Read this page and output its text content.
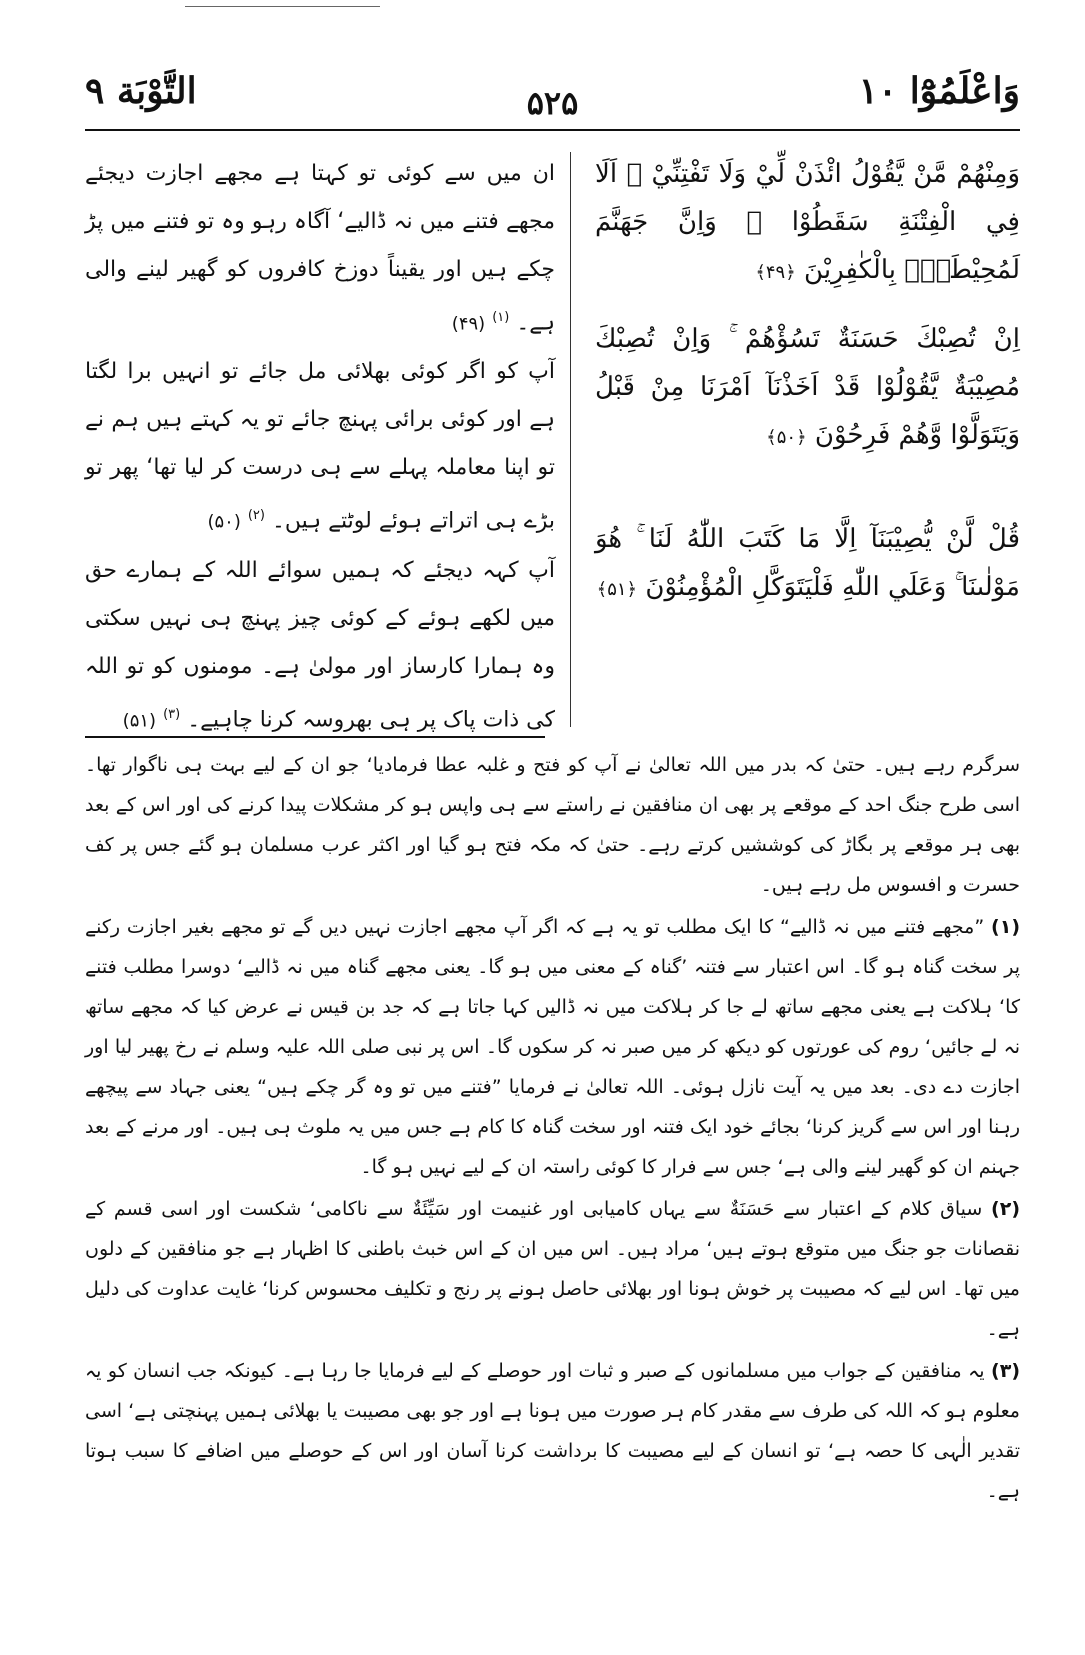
وَاعْلَمُوْٓا ۱۰
۵۲۵
التَّوْبَة ۹

وَمِنْهُمْ مَّنْ يَّقُوْلُ ائْذَنْ لِّيْ وَلَا تَفْتِنِّيْ ۭ اَلَا فِي الْفِتْنَةِ سَقَطُوْا ۭ وَاِنَّ جَهَنَّمَ لَمُحِيْطَةٌۢ بِالْكٰفِرِيْنَ ﴿۴۹﴾

اِنْ تُصِبْكَ حَسَنَةٌ تَسُؤْهُمْ ۚ وَاِنْ تُصِبْكَ مُصِيْبَةٌ يَّقُوْلُوْا قَدْ اَخَذْنَآ اَمْرَنَا مِنْ قَبْلُ وَيَتَوَلَّوْا وَّهُمْ فَرِحُوْنَ ﴿۵۰﴾

قُلْ لَّنْ يُّصِيْبَنَآ اِلَّا مَا كَتَبَ اللّٰهُ لَنَا ۚ هُوَ مَوْلٰىنَا ۚ وَعَلَي اللّٰهِ فَلْيَتَوَكَّلِ الْمُؤْمِنُوْنَ ﴿۵۱﴾

ان میں سے کوئی تو کہتا ہے مجھے اجازت دیجئے مجھے فتنے میں نہ ڈالیے‘ آگاہ رہو وہ تو فتنے میں پڑ چکے ہیں اور یقیناً دوزخ کافروں کو گھیر لینے والی ہے۔ $^{(۱)}$ (۴۹)

آپ کو اگر کوئی بھلائی مل جائے تو انہیں برا لگتا ہے اور کوئی برائی پہنچ جائے تو یہ کہتے ہیں ہم نے تو اپنا معاملہ پہلے سے ہی درست کر لیا تھا‘ پھر تو بڑے ہی اتراتے ہوئے لوٹتے ہیں۔ $^{(۲)}$ (۵۰)

آپ کہہ دیجئے کہ ہمیں سوائے اللہ کے ہمارے حق میں لکھے ہوئے کے کوئی چیز پہنچ ہی نہیں سکتی وہ ہمارا کارساز اور مولیٰ ہے۔ مومنوں کو تو اللہ کی ذات پاک پر ہی بھروسہ کرنا چاہیے۔ $^{(۳)}$ (۵۱)

سرگرم رہے ہیں۔ حتیٰ کہ بدر میں اللہ تعالیٰ نے آپ کو فتح و غلبہ عطا فرمادیا‘ جو ان کے لیے بہت ہی ناگوار تھا۔ اسی طرح جنگ احد کے موقعے پر بھی ان منافقین نے راستے سے ہی واپس ہو کر مشکلات پیدا کرنے کی اور اس کے بعد بھی ہر موقعے پر بگاڑ کی کوششیں کرتے رہے۔ حتیٰ کہ مکہ فتح ہو گیا اور اکثر عرب مسلمان ہو گئے جس پر کف حسرت و افسوس مل رہے ہیں۔

(۱) ”مجھے فتنے میں نہ ڈالیے“ کا ایک مطلب تو یہ ہے کہ اگر آپ مجھے اجازت نہیں دیں گے تو مجھے بغیر اجازت رکنے پر سخت گناہ ہو گا۔ اس اعتبار سے فتنہ ’گناہ کے معنی میں ہو گا۔ یعنی مجھے گناہ میں نہ ڈالیے‘ دوسرا مطلب فتنے کا‘ ہلاکت ہے یعنی مجھے ساتھ لے جا کر ہلاکت میں نہ ڈالیں کہا جاتا ہے کہ جد بن قیس نے عرض کیا کہ مجھے ساتھ نہ لے جائیں‘ روم کی عورتوں کو دیکھ کر میں صبر نہ کر سکوں گا۔ اس پر نبی صلی اللہ علیہ وسلم نے رخ پھیر لیا اور اجازت دے دی۔ بعد میں یہ آیت نازل ہوئی۔ اللہ تعالیٰ نے فرمایا ”فتنے میں تو وہ گر چکے ہیں“ یعنی جہاد سے پیچھے رہنا اور اس سے گریز کرنا‘ بجائے خود ایک فتنہ اور سخت گناہ کا کام ہے جس میں یہ ملوث ہی ہیں۔ اور مرنے کے بعد جہنم ان کو گھیر لینے والی ہے‘ جس سے فرار کا کوئی راستہ ان کے لیے نہیں ہو گا۔

(۲) سیاق کلام کے اعتبار سے حَسَنَةٌ سے یہاں کامیابی اور غنیمت اور سَيِّئَةٌ سے ناکامی‘ شکست اور اسی قسم کے نقصانات جو جنگ میں متوقع ہوتے ہیں‘ مراد ہیں۔ اس میں ان کے اس خبث باطنی کا اظہار ہے جو منافقین کے دلوں میں تھا۔ اس لیے کہ مصیبت پر خوش ہونا اور بھلائی حاصل ہونے پر رنج و تکلیف محسوس کرنا‘ غایت عداوت کی دلیل ہے۔

(۳) یہ منافقین کے جواب میں مسلمانوں کے صبر و ثبات اور حوصلے کے لیے فرمایا جا رہا ہے۔ کیونکہ جب انسان کو یہ معلوم ہو کہ اللہ کی طرف سے مقدر کام ہر صورت میں ہونا ہے اور جو بھی مصیبت یا بھلائی ہمیں پہنچتی ہے‘ اسی تقدیر الٰہی کا حصہ ہے‘ تو انسان کے لیے مصیبت کا برداشت کرنا آسان اور اس کے حوصلے میں اضافے کا سبب ہوتا ہے۔
